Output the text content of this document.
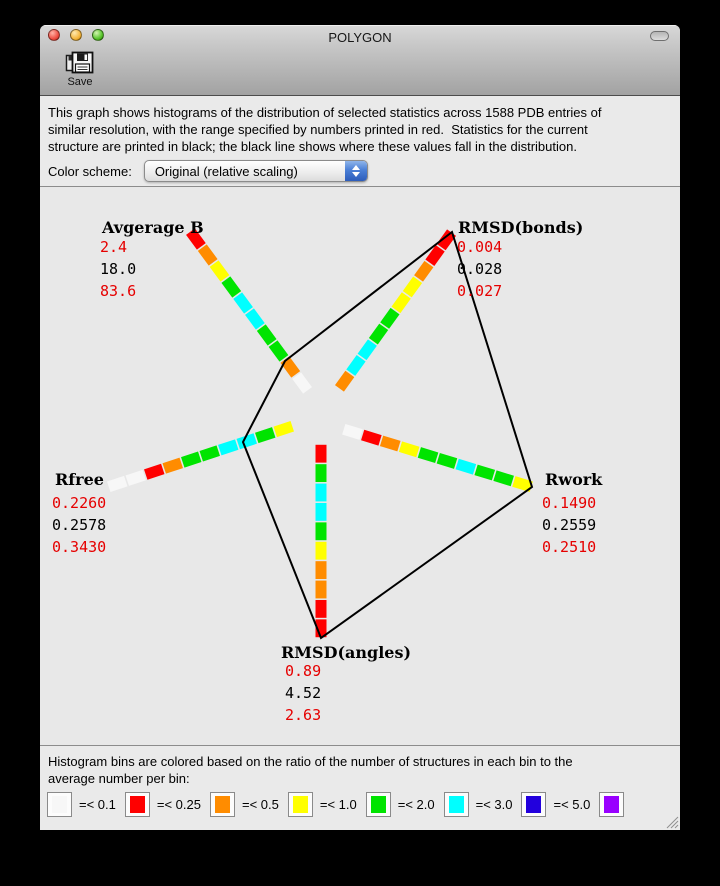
POLYGON
Save
This graph shows histograms of the distribution of selected statistics across 1588 PDB entries of
similar resolution, with the range specified by numbers printed in red.  Statistics for the current
structure are printed in black; the black line shows where these values fall in the distribution.
Color scheme: Original (relative scaling)
Avgerage B
2.4
18.0
83.6
RMSD(bonds)
0.004
0.028
0.027
Rwork
0.1490
0.2559
0.2510
RMSD(angles)
0.89
4.52
2.63
Rfree
0.2260
0.2578
0.3430
Histogram bins are colored based on the ratio of the number of structures in each bin to the
average number per bin:
=< 0.1	=< 0.25	=< 0.5	=< 1.0	=< 2.0	=< 3.0	=< 5.0
